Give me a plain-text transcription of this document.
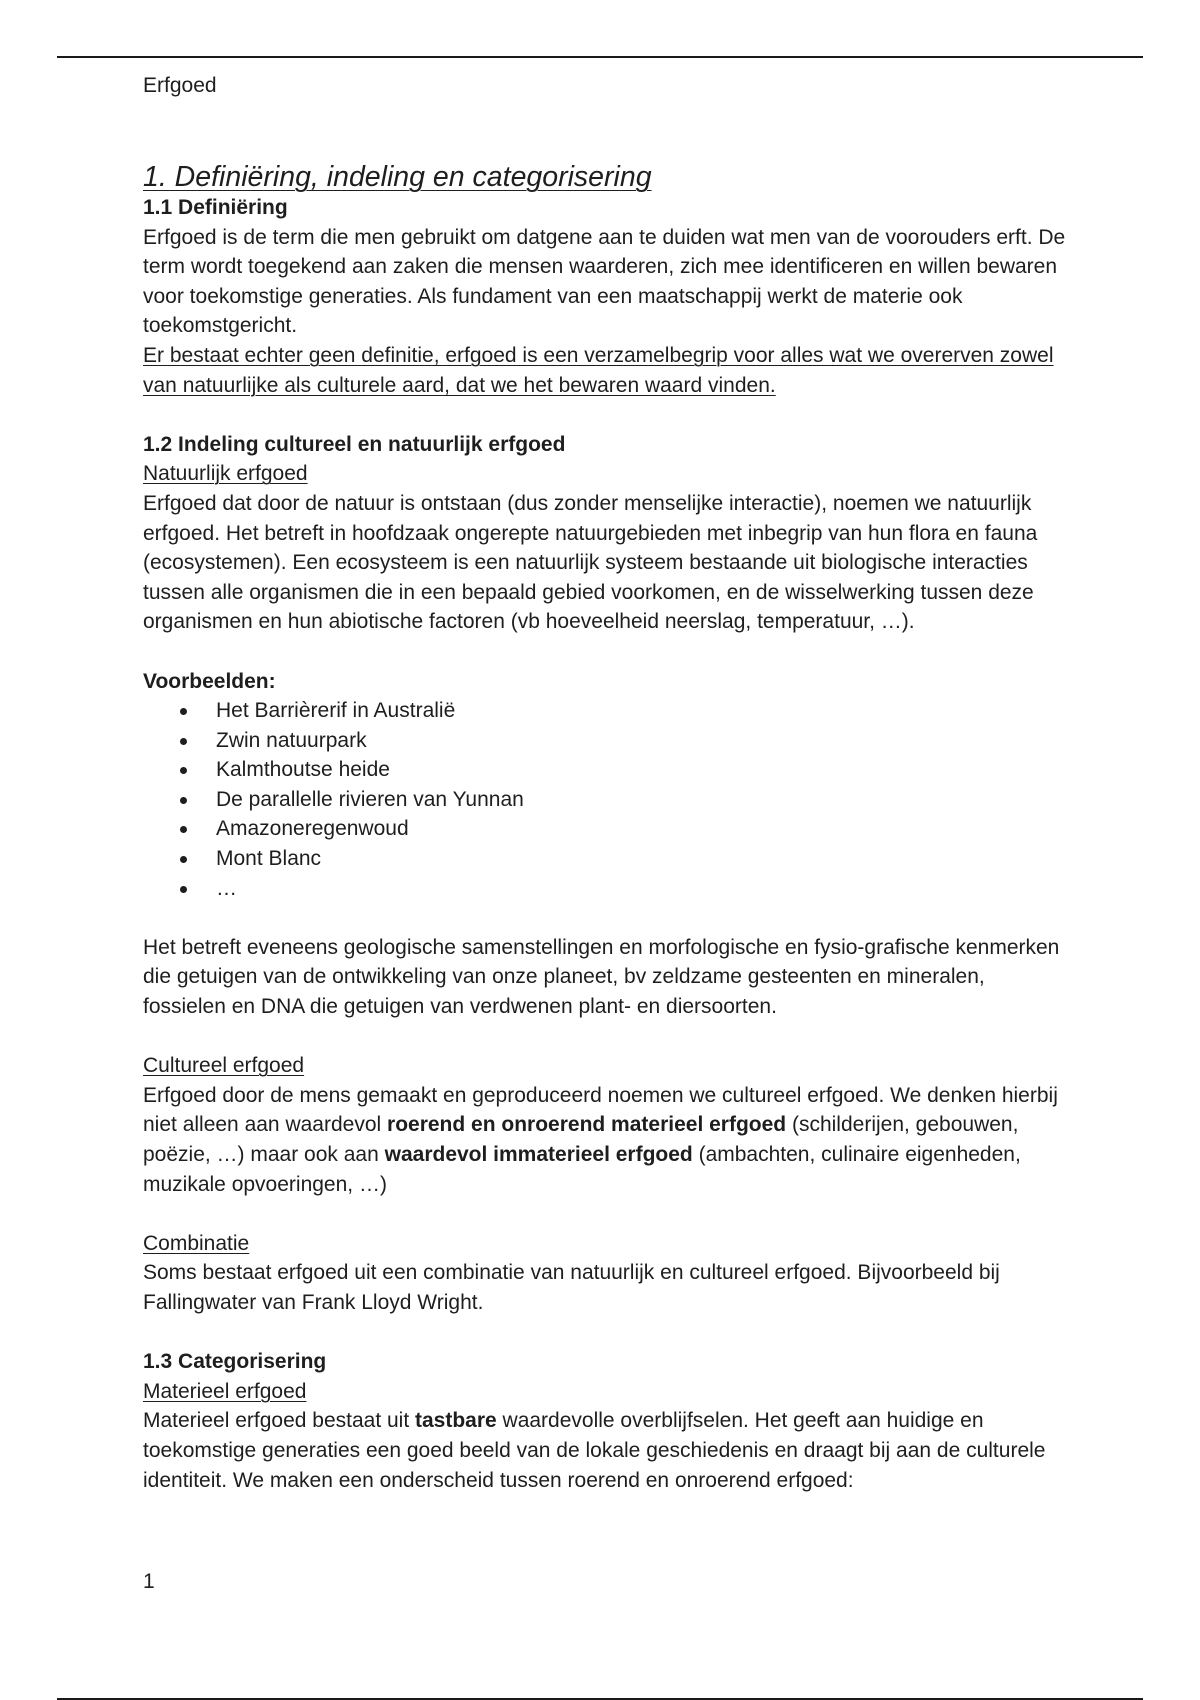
Erfgoed
1. Definiëring, indeling en categorisering
1.1 Definiëring

Erfgoed is de term die men gebruikt om datgene aan te duiden wat men van de voorouders erft. De term wordt toegekend aan zaken die mensen waarderen, zich mee identificeren en willen bewaren voor toekomstige generaties. Als fundament van een maatschappij werkt de materie ook toekomstgericht.

Er bestaat echter geen definitie, erfgoed is een verzamelbegrip voor alles wat we overerven zowel van natuurlijke als culturele aard, dat we het bewaren waard vinden.

1.2 Indeling cultureel en natuurlijk erfgoed
Natuurlijk erfgoed

Erfgoed dat door de natuur is ontstaan (dus zonder menselijke interactie), noemen we natuurlijk erfgoed. Het betreft in hoofdzaak ongerepte natuurgebieden met inbegrip van hun flora en fauna (ecosystemen). Een ecosysteem is een natuurlijk systeem bestaande uit biologische interacties tussen alle organismen die in een bepaald gebied voorkomen, en de wisselwerking tussen deze organismen en hun abiotische factoren (vb hoeveelheid neerslag, temperatuur, …).

Voorbeelden:
Het Barrièrerif in Australië
Zwin natuurpark
Kalmthoutse heide
De parallelle rivieren van Yunnan
Amazoneregenwoud
Mont Blanc
…

Het betreft eveneens geologische samenstellingen en morfologische en fysio-grafische kenmerken die getuigen van de ontwikkeling van onze planeet, bv zeldzame gesteenten en mineralen, fossielen en DNA die getuigen van verdwenen plant- en diersoorten.

Cultureel erfgoed

Erfgoed door de mens gemaakt en geproduceerd noemen we cultureel erfgoed. We denken hierbij niet alleen aan waardevol roerend en onroerend materieel erfgoed (schilderijen, gebouwen, poëzie, …) maar ook aan waardevol immaterieel erfgoed (ambachten, culinaire eigenheden, muzikale opvoeringen, …)

Combinatie

Soms bestaat erfgoed uit een combinatie van natuurlijk en cultureel erfgoed. Bijvoorbeeld bij Fallingwater van Frank Lloyd Wright.

1.3 Categorisering
Materieel erfgoed

Materieel erfgoed bestaat uit tastbare waardevolle overblijfselen. Het geeft aan huidige en toekomstige generaties een goed beeld van de lokale geschiedenis en draagt bij aan de culturele identiteit. We maken een onderscheid tussen roerend en onroerend erfgoed:

1
